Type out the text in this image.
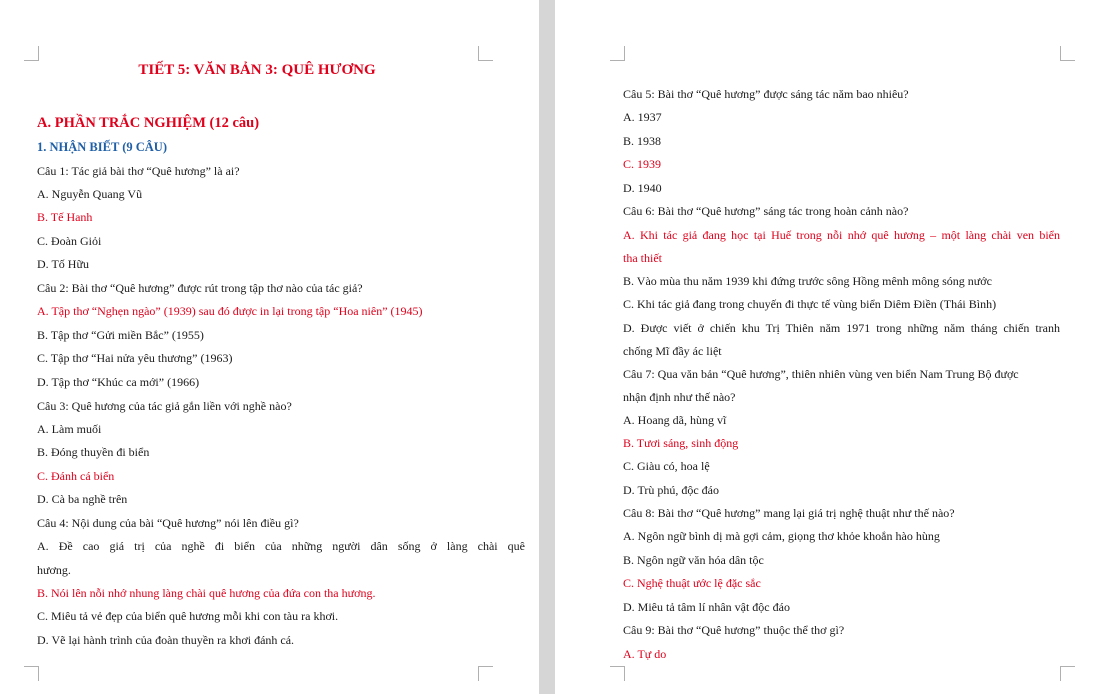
TIẾT 5: VĂN BẢN 3: QUÊ HƯƠNG
A. PHẦN TRẮC NGHIỆM (12 câu)
1. NHẬN BIẾT (9 CÂU)
Câu 1: Tác giả bài thơ “Quê hương” là ai?
A. Nguyễn Quang Vũ
B. Tế Hanh
C. Đoàn Giỏi
D. Tố Hữu
Câu 2: Bài thơ “Quê hương” được rút trong tập thơ nào của tác giả?
A. Tập thơ “Nghẹn ngào” (1939) sau đó được in lại trong tập “Hoa niên” (1945)
B. Tập thơ “Gửi miền Bắc” (1955)
C. Tập thơ “Hai nửa yêu thương” (1963)
D. Tập thơ “Khúc ca mới” (1966)
Câu 3: Quê hương của tác giả gắn liền với nghề nào?
A. Làm muối
B. Đóng thuyền đi biển
C. Đánh cá biển
D. Cà ba nghề trên
Câu 4: Nội dung của bài “Quê hương” nói lên điều gì?
A. Đề cao giá trị của nghề đi biển của những người dân sống ở làng chài quê
hương.
B. Nói lên nỗi nhớ nhung làng chài quê hương của đứa con tha hương.
C. Miêu tả vẻ đẹp của biển quê hương mỗi khi con tàu ra khơi.
D. Vẽ lại hành trình của đoàn thuyền ra khơi đánh cá.
Câu 5: Bài thơ “Quê hương” được sáng tác năm bao nhiêu?
A. 1937
B. 1938
C. 1939
D. 1940
Câu 6: Bài thơ “Quê hương” sáng tác trong hoàn cảnh nào?
A. Khi tác giả đang học tại Huế trong nỗi nhớ quê hương – một làng chài ven biển
tha thiết
B. Vào mùa thu năm 1939 khi đứng trước sông Hồng mênh mông sóng nước
C. Khi tác giả đang trong chuyến đi thực tế vùng biển Diêm Điền (Thái Bình)
D. Được viết ở chiến khu Trị Thiên năm 1971 trong những năm tháng chiến tranh
chống Mĩ đầy ác liệt
Câu 7: Qua văn bản “Quê hương”, thiên nhiên vùng ven biển Nam Trung Bộ được
nhận định như thế nào?
A. Hoang dã, hùng vĩ
B. Tươi sáng, sinh động
C. Giàu có, hoa lệ
D. Trù phú, độc đáo
Câu 8: Bài thơ “Quê hương” mang lại giá trị nghệ thuật như thế nào?
A. Ngôn ngữ bình dị mà gợi cảm, giọng thơ khỏe khoắn hào hùng
B. Ngôn ngữ văn hóa dân tộc
C. Nghệ thuật ước lệ đặc sắc
D. Miêu tả tâm lí nhân vật độc đáo
Câu 9: Bài thơ “Quê hương” thuộc thể thơ gì?
A. Tự do
